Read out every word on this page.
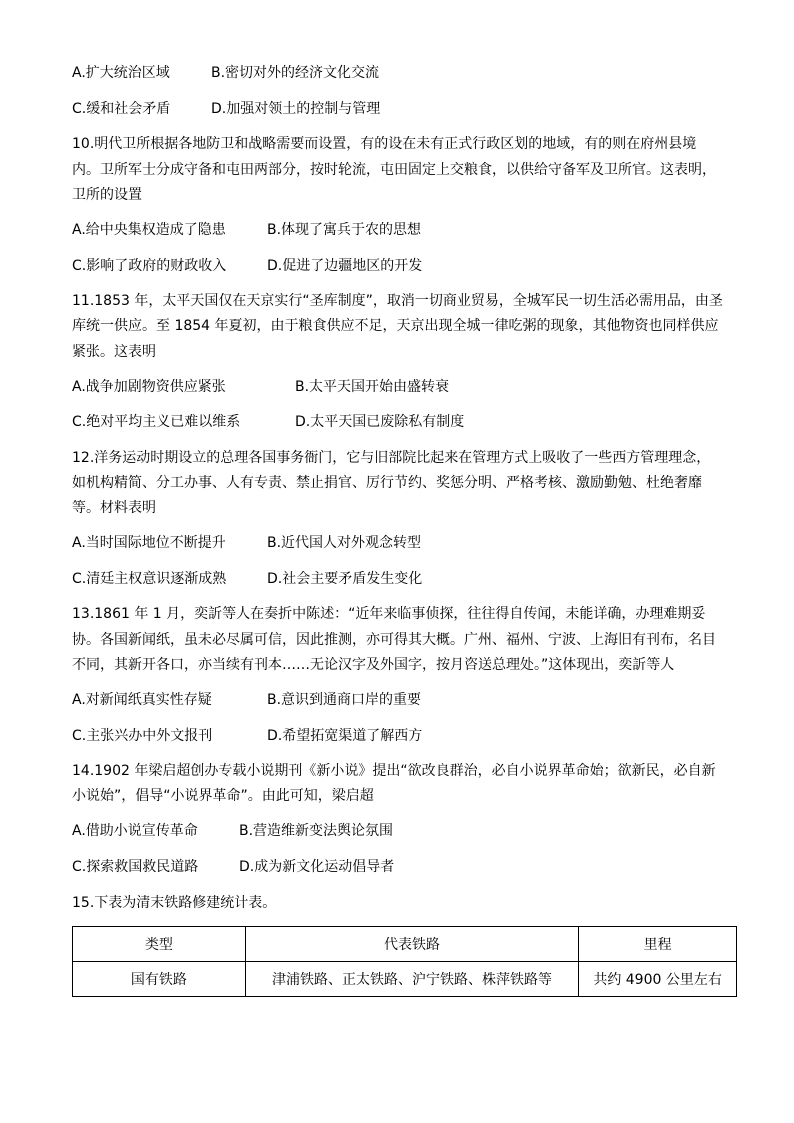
A.扩大统治区域	B.密切对外的经济文化交流
C.缓和社会矛盾	D.加强对领土的控制与管理
10.明代卫所根据各地防卫和战略需要而设置，有的设在未有正式行政区划的地域，有的则在府州县境
内。卫所军士分成守备和屯田两部分，按时轮流，屯田固定上交粮食，以供给守备军及卫所官。这表明，
卫所的设置
A.给中央集权造成了隐患	B.体现了寓兵于农的思想
C.影响了政府的财政收入	D.促进了边疆地区的开发
11.1853 年，太平天国仅在天京实行“圣库制度”，取消一切商业贸易，全城军民一切生活必需用品，由圣
库统一供应。至 1854 年夏初，由于粮食供应不足，天京出现全城一律吃粥的现象，其他物资也同样供应
紧张。这表明
A.战争加剧物资供应紧张	B.太平天国开始由盛转衰
C.绝对平均主义已难以维系	D.太平天国已废除私有制度
12.洋务运动时期设立的总理各国事务衙门，它与旧部院比起来在管理方式上吸收了一些西方管理理念，
如机构精简、分工办事、人有专责、禁止捐官、厉行节约、奖惩分明、严格考核、激励勤勉、杜绝奢靡
等。材料表明
A.当时国际地位不断提升	B.近代国人对外观念转型
C.清廷主权意识逐渐成熟	D.社会主要矛盾发生变化
13.1861 年 1 月，奕訢等人在奏折中陈述：“近年来临事侦探，往往得自传闻，未能详确，办理难期妥
协。各国新闻纸，虽未必尽属可信，因此推测，亦可得其大概。广州、福州、宁波、上海旧有刊布，名目
不同，其新开各口，亦当续有刊本……无论汉字及外国字，按月咨送总理处。”这体现出，奕訢等人
A.对新闻纸真实性存疑	B.意识到通商口岸的重要
C.主张兴办中外文报刊	D.希望拓宽渠道了解西方
14.1902 年梁启超创办专载小说期刊《新小说》提出“欲改良群治，必自小说界革命始；欲新民，必自新
小说始”，倡导“小说界革命”。由此可知，梁启超
A.借助小说宣传革命	B.营造维新变法舆论氛围
C.探索救国救民道路	D.成为新文化运动倡导者
15.下表为清末铁路修建统计表。
类型	代表铁路	里程
国有铁路	津浦铁路、正太铁路、沪宁铁路、株萍铁路等	共约 4900 公里左右
